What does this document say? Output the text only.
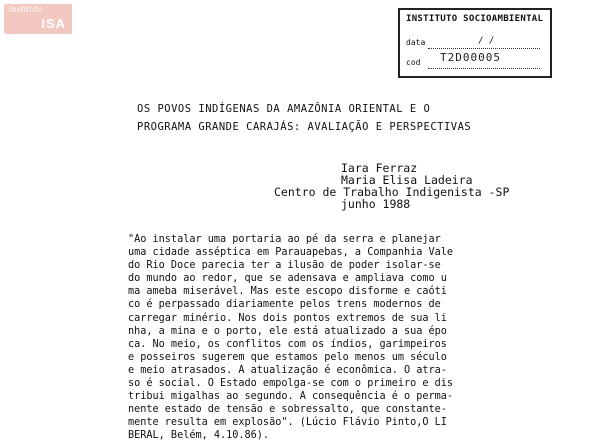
Instituto
ISA	INSTITUTO SOCIOAMBIENTAL
data	/ /
cod T2D00005
OS POVOS INDÍGENAS DA AMAZÔNIA ORIENTAL E O
PROGRAMA GRANDE CARAJÁS: AVALIAÇÃO E PERSPECTIVAS
Iara Ferraz
Maria Elisa Ladeira
Centro de Trabalho Indigenista -SP
junho 1988
"Ao instalar uma portaria ao pé da serra e planejar
uma cidade asséptica em Parauapebas, a Companhia Vale
do Rio Doce parecia ter a ilusão de poder isolar-se
do mundo ao redor, que se adensava e ampliava como u
ma ameba miserável. Mas este escopo disforme e caóti
co é perpassado diariamente pelos trens modernos de
carregar minério. Nos dois pontos extremos de sua li
nha, a mina e o porto, ele está atualizado a sua épo
ca. No meio, os conflitos com os índios, garimpeiros
e posseiros sugerem que estamos pelo menos um século
e meio atrasados. A atualização é econômica. O atra-
so é social. O Estado empolga-se com o primeiro e dis
tribui migalhas ao segundo. A consequência é o perma-
nente estado de tensão e sobressalto, que constante-
mente resulta em explosão". (Lúcio Flávio Pinto,O LI
BERAL, Belém, 4.10.86).
